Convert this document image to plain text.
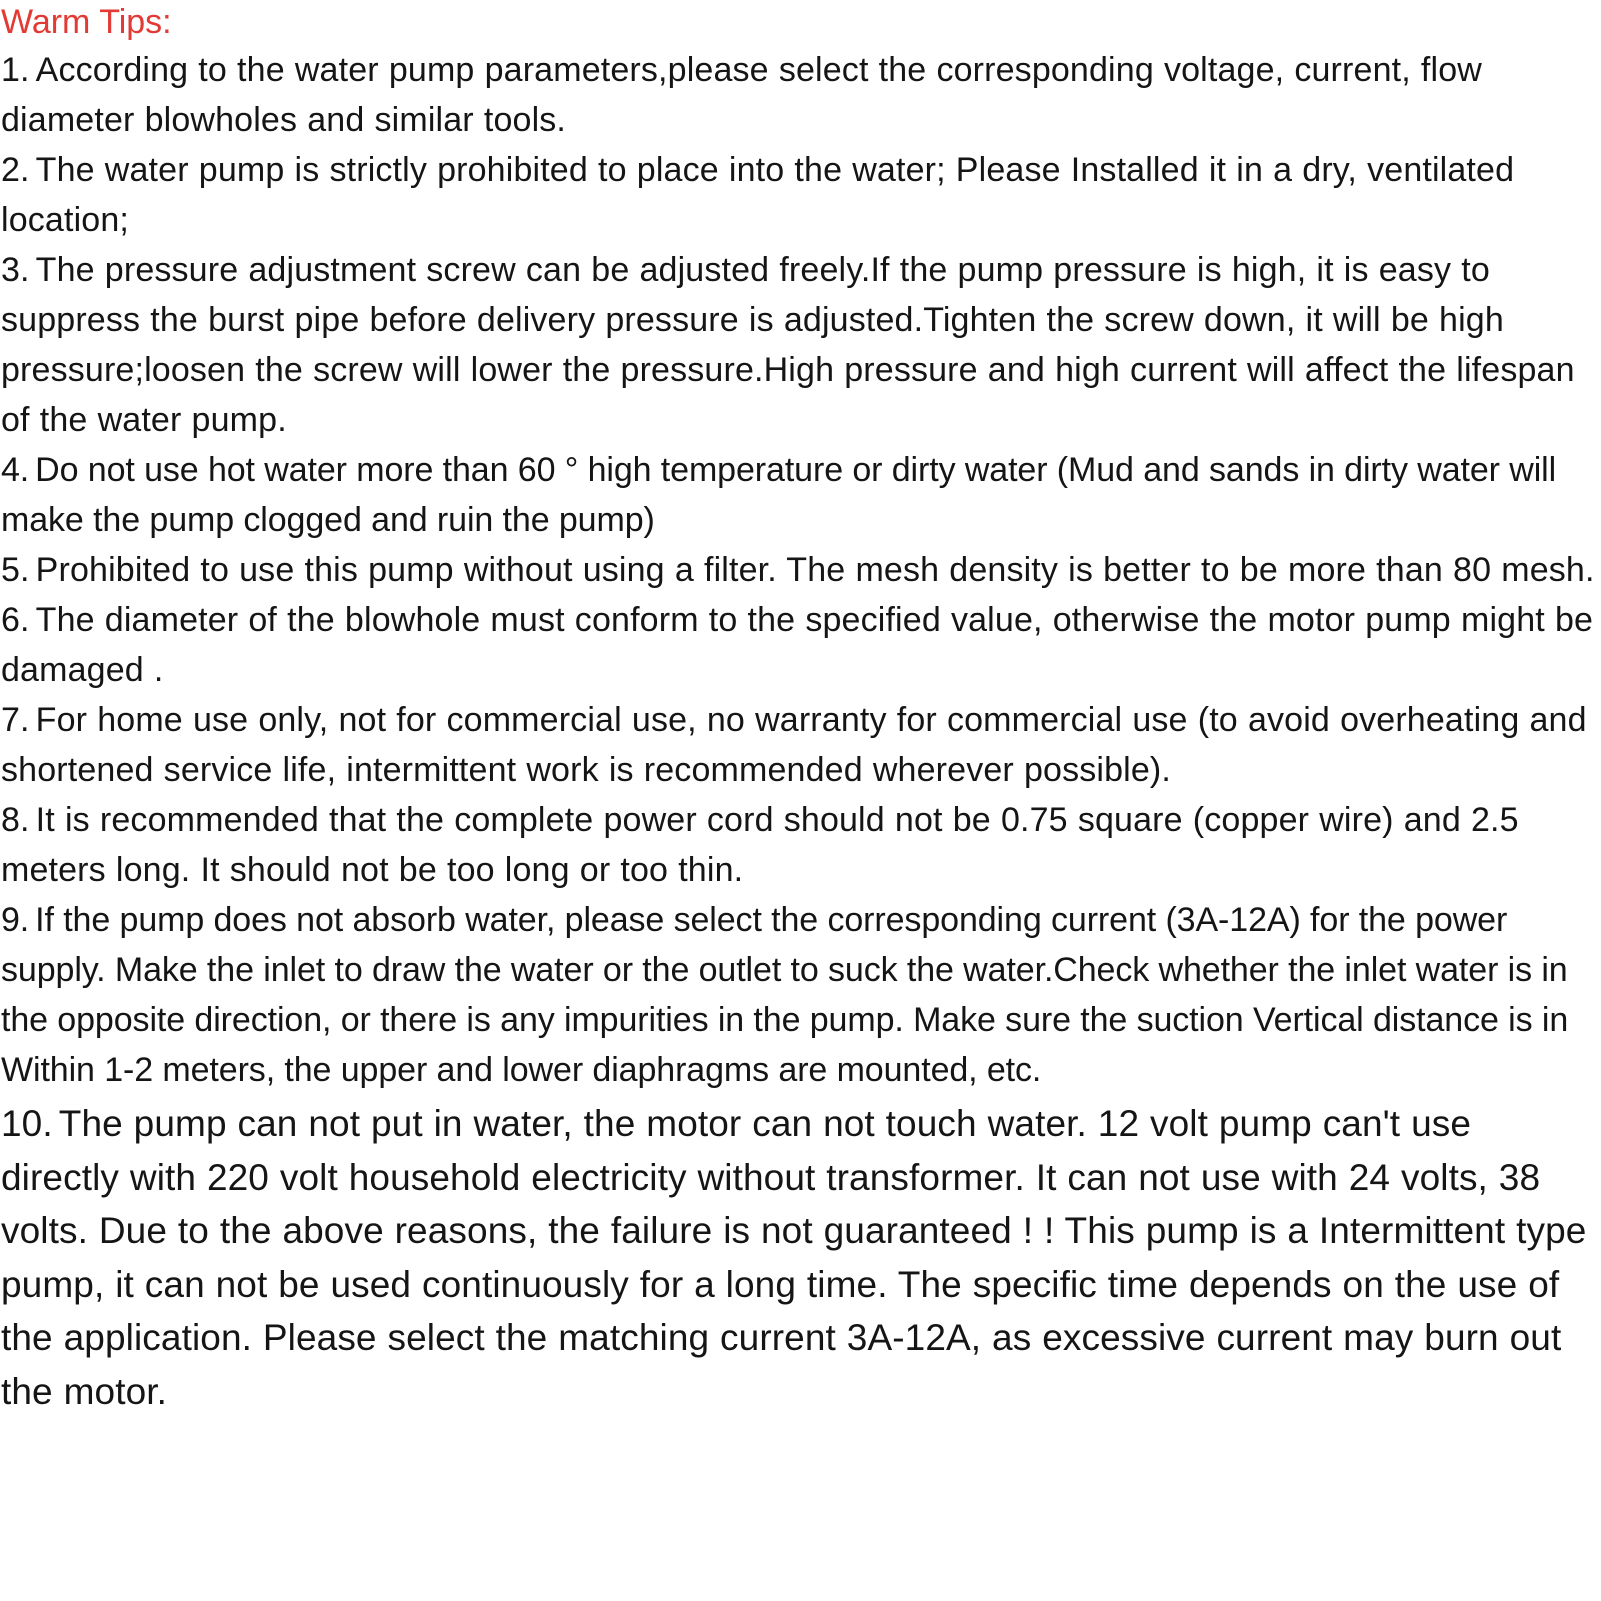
Warm Tips:
1. According to the water pump parameters,please select the corresponding voltage, current, flow diameter blowholes and similar tools.
2. The water pump is strictly prohibited to place into the water; Please Installed it in a dry, ventilated location;
3. The pressure adjustment screw can be adjusted freely.If the pump pressure is high, it is easy to suppress the burst pipe before delivery pressure is adjusted.Tighten the screw down, it will be high pressure;loosen the screw will lower the pressure.High pressure and high current will affect the lifespan of the water pump.
4. Do not use hot water more than 60 ° high temperature or dirty water (Mud and sands in dirty water will make the pump clogged and ruin the pump)
5. Prohibited to use this pump without using a filter. The mesh density is better to be more than 80 mesh.
6. The diameter of the blowhole must conform to the specified value, otherwise the motor pump might be damaged .
7. For home use only, not for commercial use, no warranty for commercial use (to avoid overheating and shortened service life, intermittent work is recommended wherever possible).
8. It is recommended that the complete power cord should not be 0.75 square (copper wire) and 2.5 meters long. It should not be too long or too thin.
9. If the pump does not absorb water, please select the corresponding current (3A-12A) for the power supply. Make the inlet to draw the water or the outlet to suck the water.Check whether the inlet water is in the opposite direction, or there is any impurities in the pump. Make sure the suction Vertical distance is in Within 1-2 meters, the upper and lower diaphragms are mounted, etc.
10. The pump can not put in water, the motor can not touch water. 12 volt pump can't use directly with 220 volt household electricity without transformer. It can not use with 24 volts, 38 volts. Due to the above reasons, the failure is not guaranteed ! ! This pump is a Intermittent type pump, it can not be used continuously for a long time. The specific time depends on the use of the application. Please select the matching current 3A-12A, as excessive current may burn out the motor.
